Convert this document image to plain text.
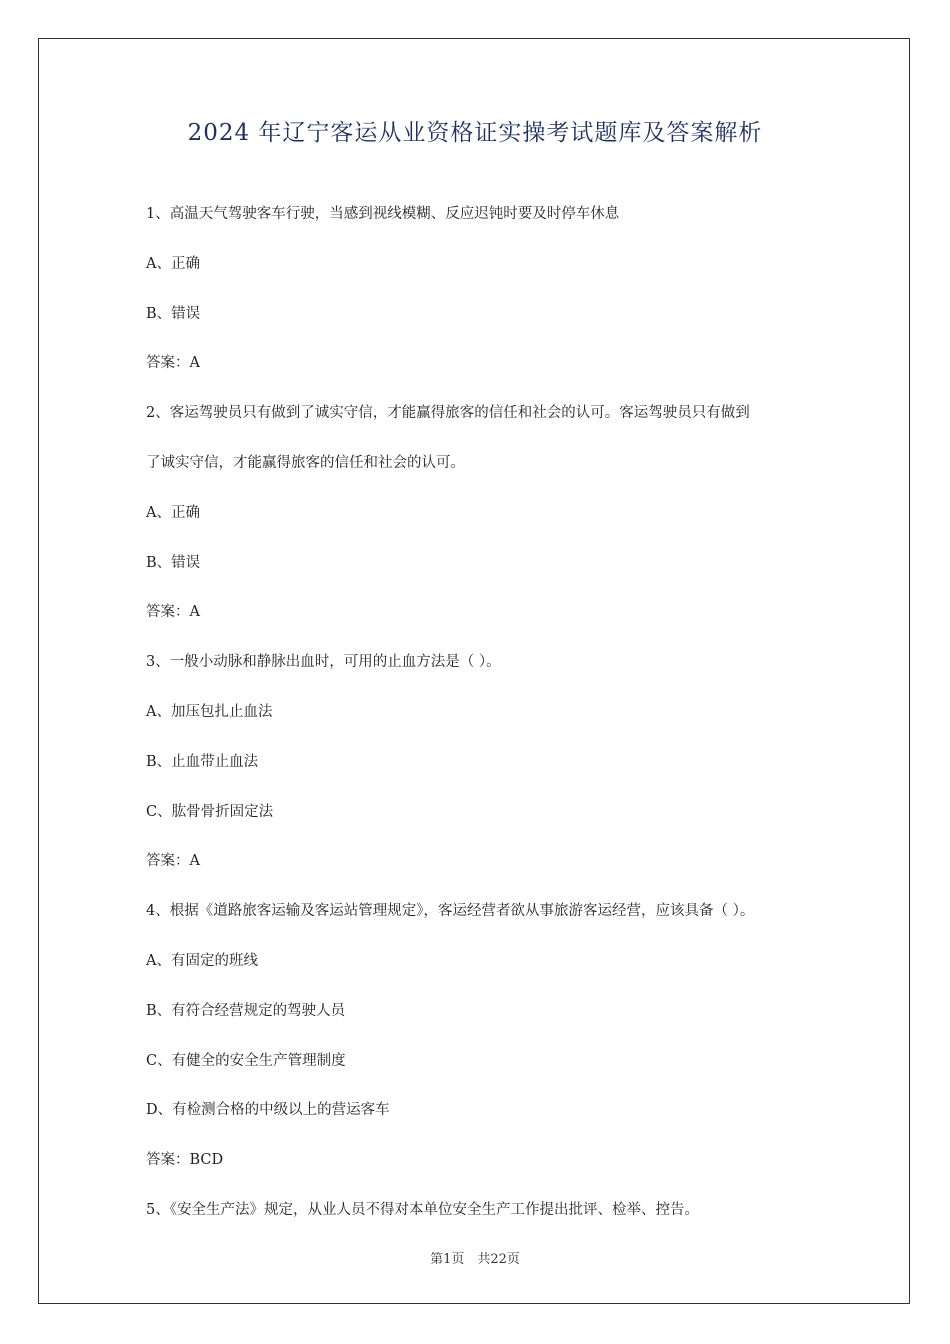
2024 年辽宁客运从业资格证实操考试题库及答案解析
1、高温天气驾驶客车行驶，当感到视线模糊、反应迟钝时要及时停车休息
A、正确
B、错误
答案：A
2、客运驾驶员只有做到了诚实守信，才能赢得旅客的信任和社会的认可。客运驾驶员只有做到
了诚实守信，才能赢得旅客的信任和社会的认可。
A、正确
B、错误
答案：A
3、一般小动脉和静脉出血时，可用的止血方法是（ ）。
A、加压包扎止血法
B、止血带止血法
C、肱骨骨折固定法
答案：A
4、根据《道路旅客运输及客运站管理规定》，客运经营者欲从事旅游客运经营，应该具备（ ）。
A、有固定的班线
B、有符合经营规定的驾驶人员
C、有健全的安全生产管理制度
D、有检测合格的中级以上的营运客车
答案：BCD
5、《安全生产法》规定，从业人员不得对本单位安全生产工作提出批评、检举、控告。
第1页　共22页
